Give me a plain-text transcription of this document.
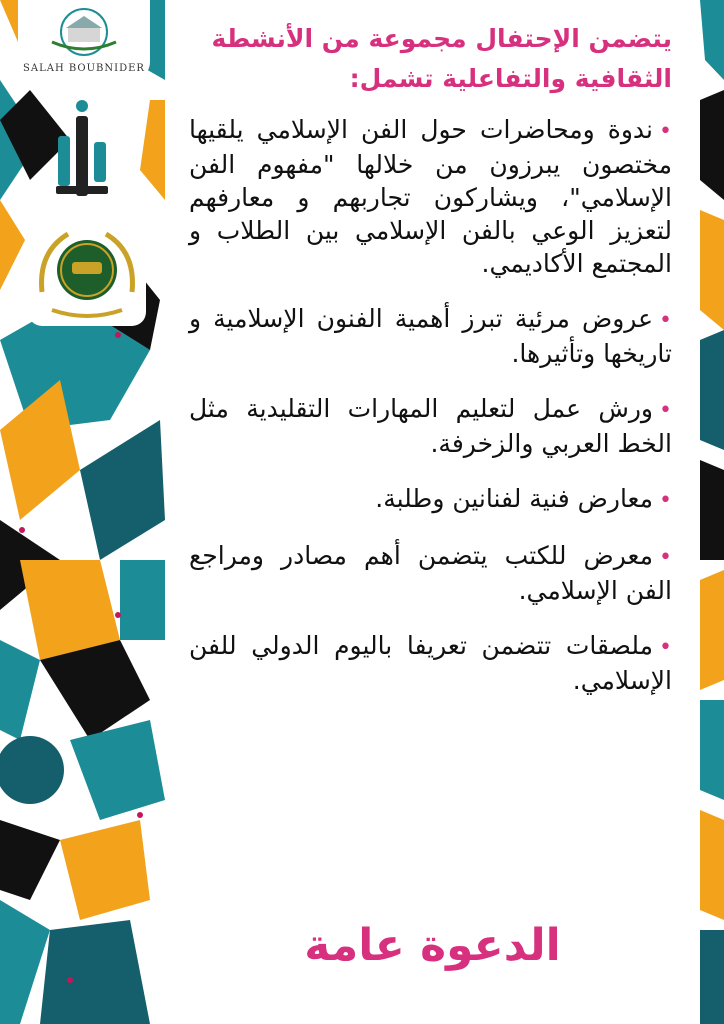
SALAH BOUBNIDER

يتضمن الإحتفال مجموعة من الأنشطة الثقافية والتفاعلية تشمل:

•ندوة ومحاضرات حول الفن الإسلامي يلقيها مختصون يبرزون من خلالها "مفهوم الفن الإسلامي"، ويشاركون تجاربهم و معارفهم لتعزيز الوعي بالفن الإسلامي بين الطلاب و المجتمع الأكاديمي.
•عروض مرئية تبرز أهمية الفنون الإسلامية و تاريخها وتأثيرها.
•ورش عمل لتعليم المهارات التقليدية مثل الخط العربي والزخرفة.
•معارض فنية لفنانين وطلبة.
•معرض للكتب يتضمن أهم مصادر ومراجع الفن الإسلامي.
•ملصقات تتضمن تعريفا باليوم الدولي للفن الإسلامي.
الدعوة عامة
